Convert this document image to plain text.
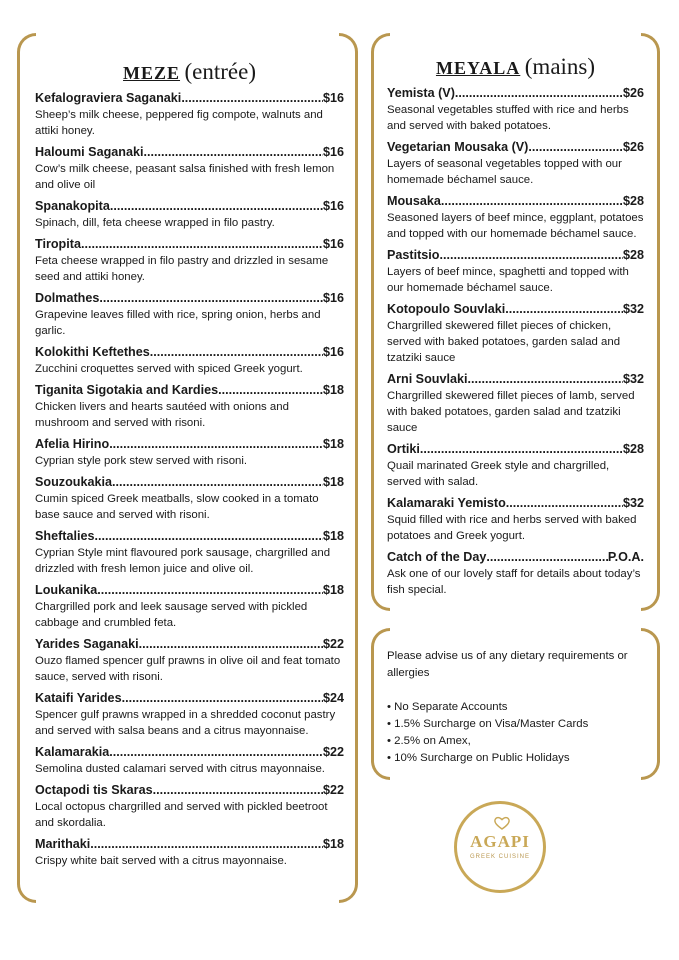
MEZE (entrée)
Kefalograviera Saganaki .....	$16
Sheep’s milk cheese, peppered fig compote, walnuts and attiki honey.
Haloumi Saganaki .....	$16
Cow’s milk cheese, peasant salsa finished with fresh lemon and olive oil
Spanakopita .....	$16
Spinach, dill, feta cheese wrapped in filo pastry.
Tiropita .....	$16
Feta cheese wrapped in filo pastry and drizzled in sesame seed and attiki honey.
Dolmathes .....	$16
Grapevine leaves filled with rice, spring onion, herbs and garlic.
Kolokithi Keftethes .....	$16
Zucchini croquettes served with spiced Greek yogurt.
Tiganita Sigotakia and Kardies .....	$18
Chicken livers and hearts sautéed with onions and mushroom and served with risoni.
Afelia Hirino .....	$18
Cyprian style pork stew served with risoni.
Souzoukakia .....	$18
Cumin spiced Greek meatballs, slow cooked in a tomato base sauce and served with risoni.
Sheftalies .....	$18
Cyprian Style mint flavoured pork sausage, chargrilled and drizzled with fresh lemon juice and olive oil.
Loukanika .....	$18
Chargrilled pork and leek sausage served with pickled cabbage and crumbled feta.
Yarides Saganaki .....	$22
Ouzo flamed spencer gulf prawns in olive oil and feat tomato sauce, served with risoni.
Kataifi Yarides .....	$24
Spencer gulf prawns wrapped in a shredded coconut pastry and served with salsa beans and a citrus mayonnaise.
Kalamarakia .....	$22
Semolina dusted calamari served with citrus mayonnaise.
Octapodi tis Skaras .....	$22
Local octopus chargrilled and served with pickled beetroot and skordalia.
Marithaki .....	$18
Crispy white bait served with a citrus mayonnaise.
MEYALA (mains)
Yemista (V) .....	$26
Seasonal vegetables stuffed with rice and herbs and served with baked potatoes.
Vegetarian Mousaka (V) .....	$26
Layers of seasonal vegetables topped with our homemade béchamel sauce.
Mousaka .....	$28
Seasoned layers of beef mince, eggplant, potatoes and topped with our homemade béchamel sauce.
Pastitsio .....	$28
Layers of beef mince, spaghetti and topped with our homemade béchamel sauce.
Kotopoulo Souvlaki .....	$32
Chargrilled skewered fillet pieces of chicken, served with baked potatoes, garden salad and tzatziki sauce
Arni Souvlaki .....	$32
Chargrilled skewered fillet pieces of lamb, served with baked potatoes, garden salad and tzatziki sauce
Ortiki .....	$28
Quail marinated Greek style and chargrilled, served with salad.
Kalamaraki Yemisto .....	$32
Squid filled with rice and herbs served with baked potatoes and Greek yogurt.
Catch of the Day .....	P.O.A.
Ask one of our lovely staff for details about today’s fish special.
Please advise us of any dietary requirements or allergies
• No Separate Accounts
• 1.5% Surcharge on Visa/Master Cards
• 2.5% on Amex,
• 10% Surcharge on Public Holidays
AGAPI
GREEK CUISINE
